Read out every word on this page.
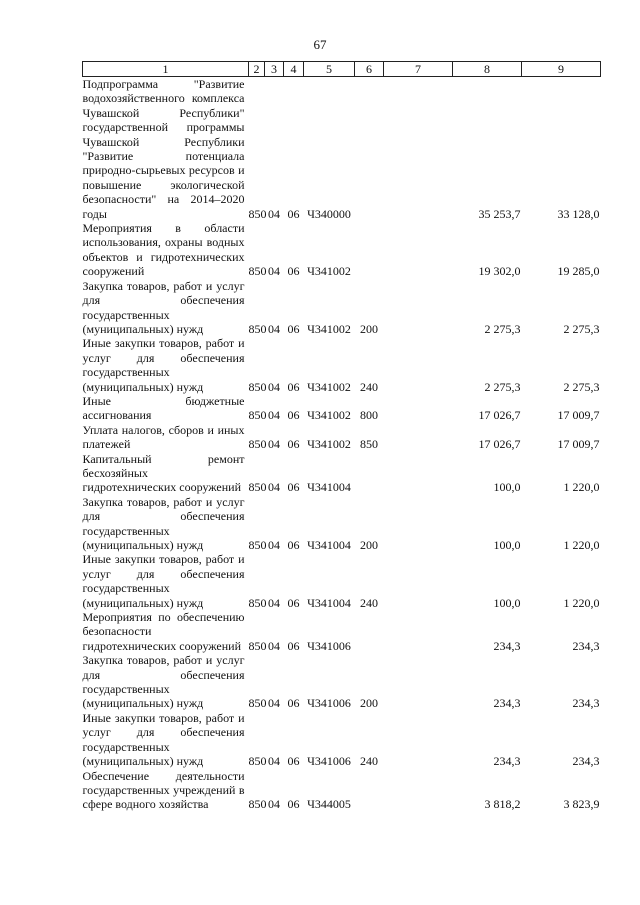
67
1	2	3	4	5	6	7	8	9
Подпрограмма "Развитие водохозяйственного комплекса Чувашской Республики" государственной программы Чувашской Республики "Развитие потенциала природно-сырьевых ресурсов и повышение экологической безопасности" на 2014–2020 годы	850	04	06	Ч340000			35 253,7	33 128,0
Мероприятия в области использования, охраны водных объектов и гидротехнических сооружений	850	04	06	Ч341002			19 302,0	19 285,0
Закупка товаров, работ и услуг для обеспечения государственных (муниципальных) нужд	850	04	06	Ч341002	200		2 275,3	2 275,3
Иные закупки товаров, работ и услуг для обеспечения государственных (муниципальных) нужд	850	04	06	Ч341002	240		2 275,3	2 275,3
Иные бюджетные ассигнования	850	04	06	Ч341002	800		17 026,7	17 009,7
Уплата налогов, сборов и иных платежей	850	04	06	Ч341002	850		17 026,7	17 009,7
Капитальный ремонт бесхозяйных гидротехнических сооружений	850	04	06	Ч341004			100,0	1 220,0
Закупка товаров, работ и услуг для обеспечения государственных (муниципальных) нужд	850	04	06	Ч341004	200		100,0	1 220,0
Иные закупки товаров, работ и услуг для обеспечения государственных (муниципальных) нужд	850	04	06	Ч341004	240		100,0	1 220,0
Мероприятия по обеспечению безопасности гидротехнических сооружений	850	04	06	Ч341006			234,3	234,3
Закупка товаров, работ и услуг для обеспечения государственных (муниципальных) нужд	850	04	06	Ч341006	200		234,3	234,3
Иные закупки товаров, работ и услуг для обеспечения государственных (муниципальных) нужд	850	04	06	Ч341006	240		234,3	234,3
Обеспечение деятельности государственных учреждений в сфере водного хозяйства	850	04	06	Ч344005			3 818,2	3 823,9
